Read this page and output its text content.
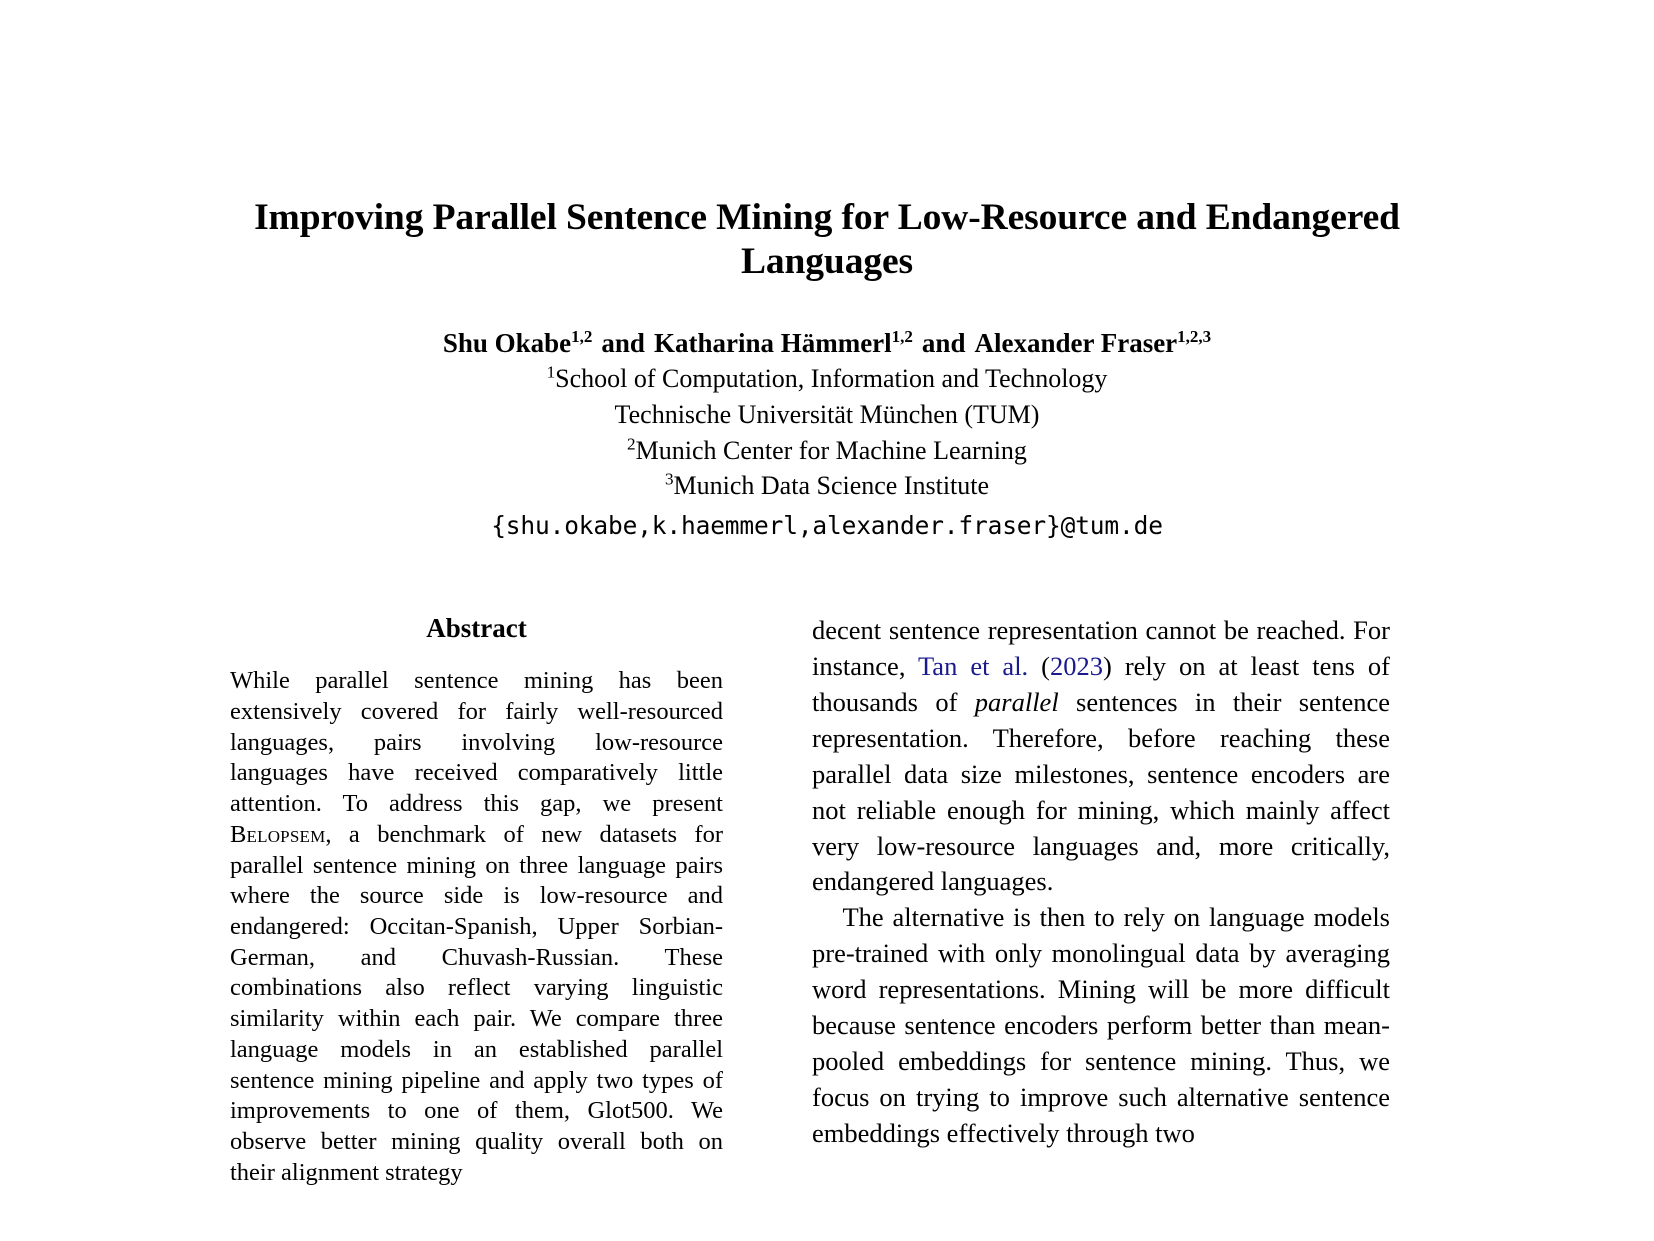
Improving Parallel Sentence Mining for Low-Resource and Endangered Languages
Shu Okabe$^{1,2}$ and Katharina Hämmerl$^{1,2}$ and Alexander Fraser$^{1,2,3}$
$^1$School of Computation, Information and Technology
Technische Universität München (TUM)
$^2$Munich Center for Machine Learning
$^3$Munich Data Science Institute
{shu.okabe,k.haemmerl,alexander.fraser}@tum.de
Abstract

While parallel sentence mining has been extensively covered for fairly well-resourced languages, pairs involving low-resource languages have received comparatively little attention. To address this gap, we present Belopsem, a benchmark of new datasets for parallel sentence mining on three language pairs where the source side is low-resource and endangered: Occitan-Spanish, Upper Sorbian-German, and Chuvash-Russian. These combinations also reflect varying linguistic similarity within each pair. We compare three language models in an established parallel sentence mining pipeline and apply two types of improvements to one of them, Glot500. We observe better mining quality overall both on their alignment strategy

decent sentence representation cannot be reached. For instance, Tan et al. (2023) rely on at least tens of thousands of parallel sentences in their sentence representation. Therefore, before reaching these parallel data size milestones, sentence encoders are not reliable enough for mining, which mainly affect very low-resource languages and, more critically, endangered languages.

The alternative is then to rely on language models pre-trained with only monolingual data by averaging word representations. Mining will be more difficult because sentence encoders perform better than mean-pooled embeddings for sentence mining. Thus, we focus on trying to improve such alternative sentence embeddings effectively through two
